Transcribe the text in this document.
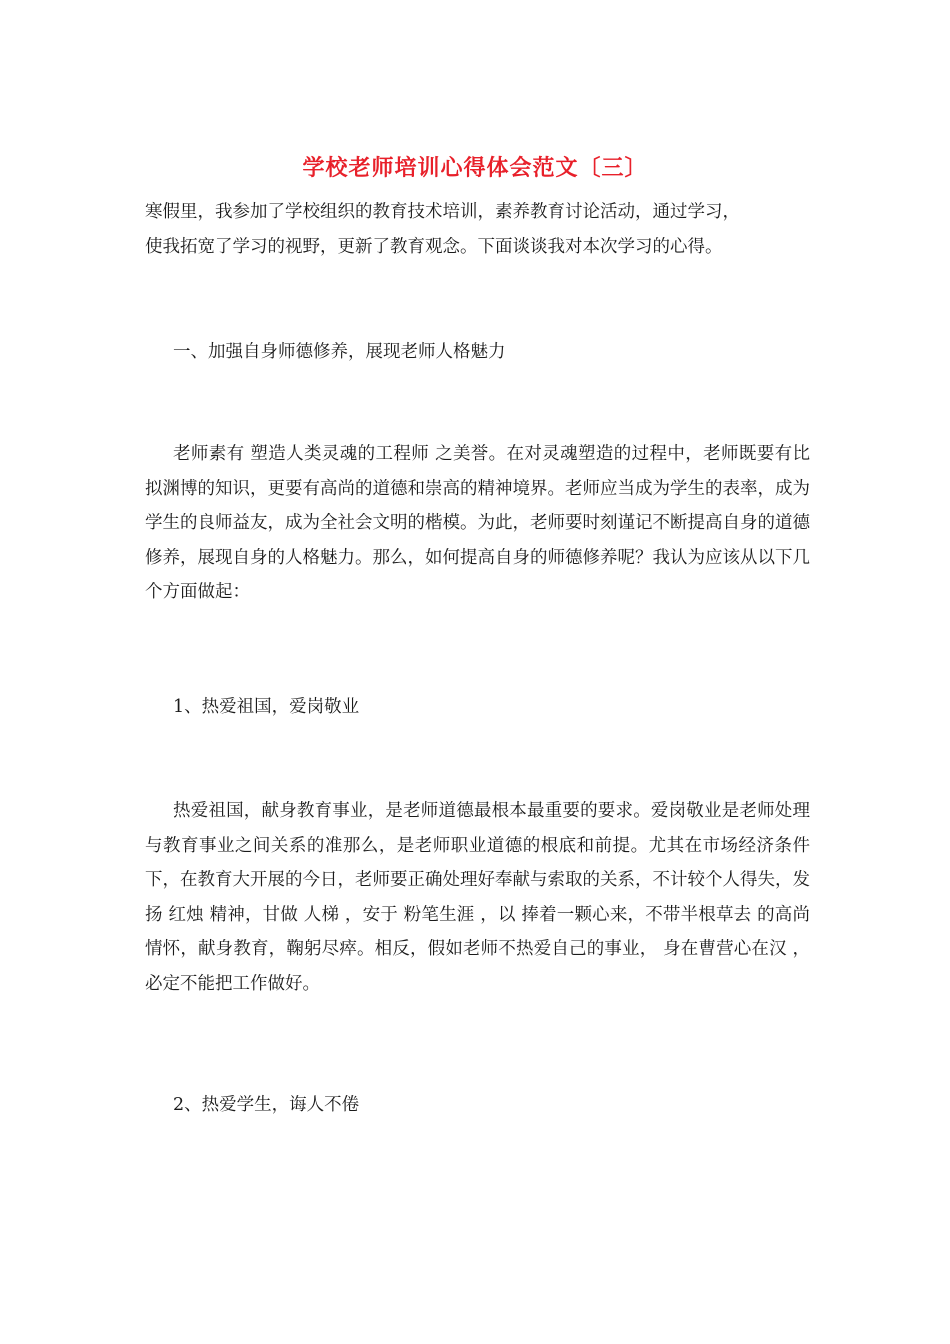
学校老师培训心得体会范文〔三〕

寒假里，我参加了学校组织的教育技术培训，素养教育讨论活动，通过学习，
使我拓宽了学习的视野，更新了教育观念。下面谈谈我对本次学习的心得。

一、加强自身师德修养，展现老师人格魅力

老师素有 塑造人类灵魂的工程师 之美誉。在对灵魂塑造的过程中，老师既要有比拟渊博的知识，更要有高尚的道德和崇高的精神境界。老师应当成为学生的表率，成为学生的良师益友，成为全社会文明的楷模。为此，老师要时刻谨记不断提高自身的道德修养，展现自身的人格魅力。那么，如何提高自身的师德修养呢？我认为应该从以下几个方面做起：

1、热爱祖国，爱岗敬业

热爱祖国，献身教育事业，是老师道德最根本最重要的要求。爱岗敬业是老师处理与教育事业之间关系的准那么，是老师职业道德的根底和前提。尤其在市场经济条件下，在教育大开展的今日，老师要正确处理好奉献与索取的关系，不计较个人得失，发扬 红烛 精神，甘做 人梯 ，安于 粉笔生涯 ，以 捧着一颗心来，不带半根草去 的高尚情怀，献身教育，鞠躬尽瘁。相反，假如老师不热爱自己的事业， 身在曹营心在汉 ，必定不能把工作做好。

2、热爱学生，诲人不倦
